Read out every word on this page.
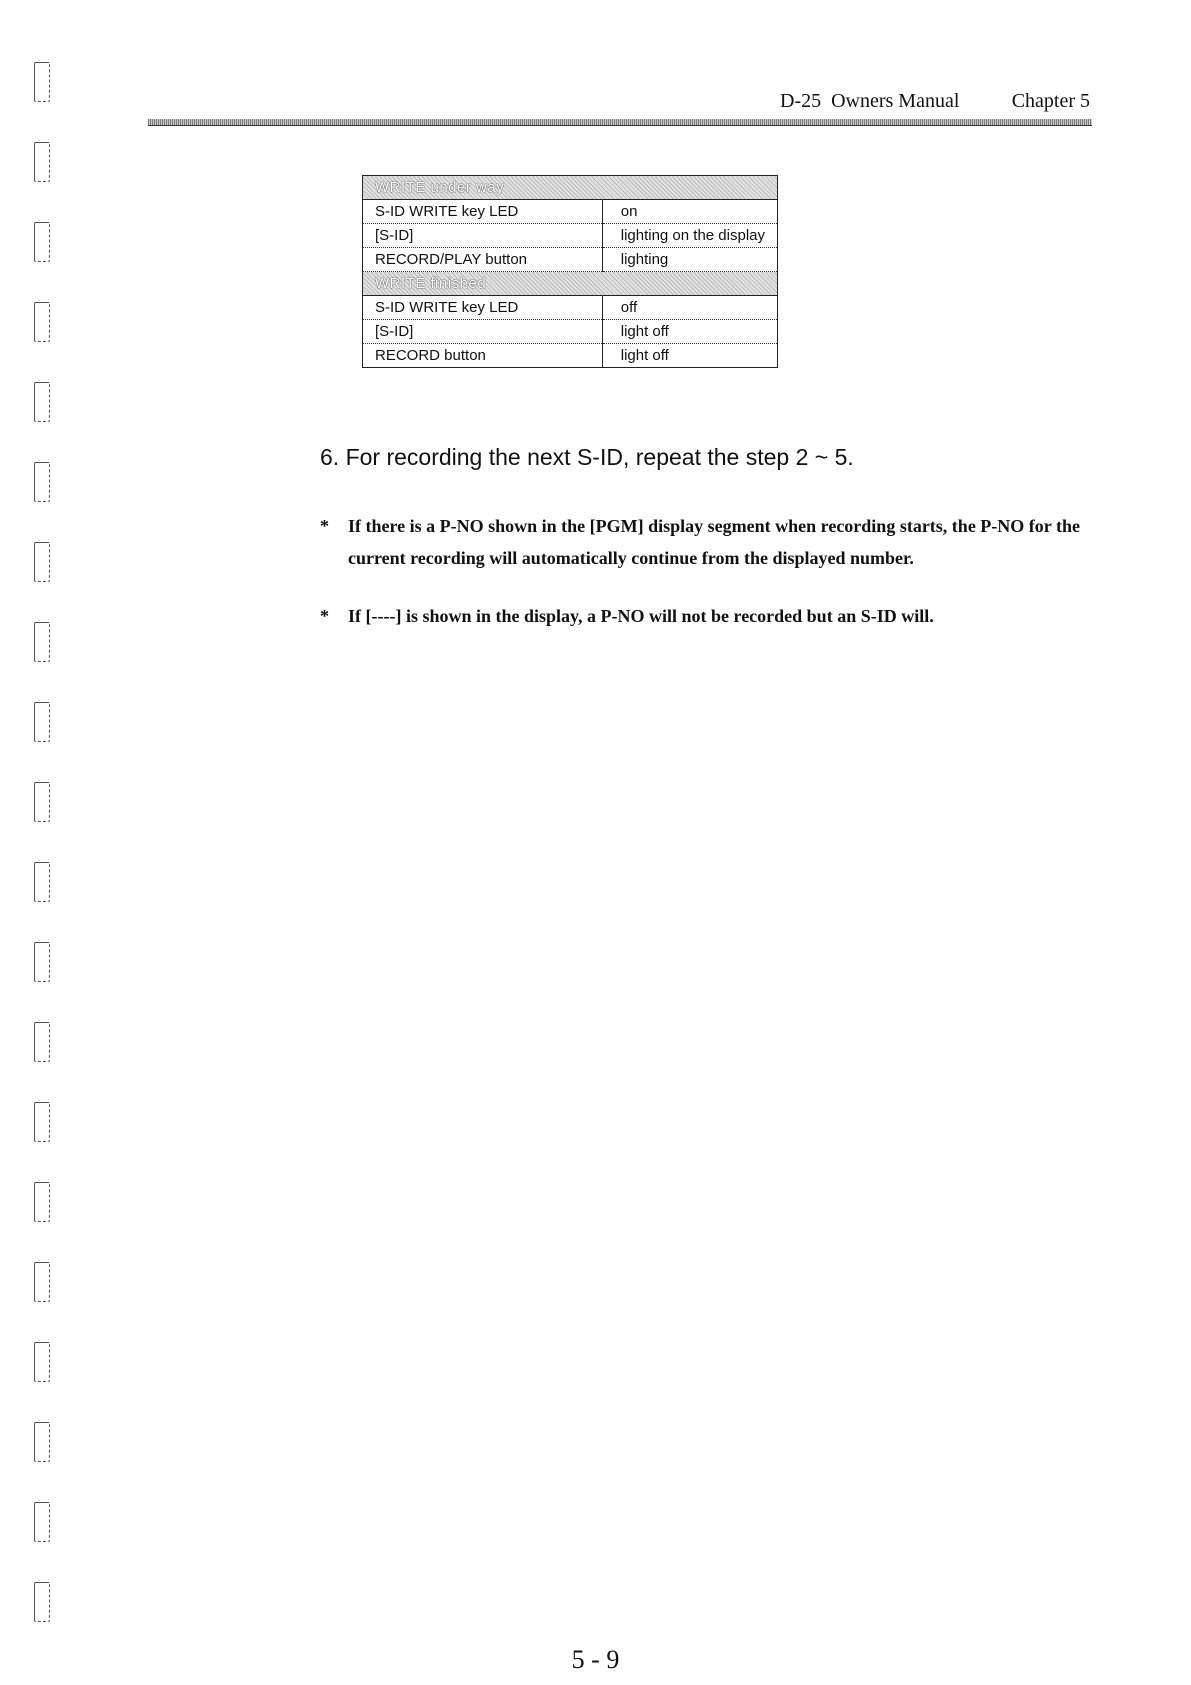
D-25  Owners Manual	Chapter 5
WRITE under way	
S-ID WRITE key LED	on
[S-ID]	lighting on the display
RECORD/PLAY button	lighting
WRITE finished	
S-ID WRITE key LED	off
[S-ID]	light off
RECORD button	light off
6. For recording the next S-ID, repeat the step 2 ~ 5.
* If there is a P-NO shown in the [PGM] display segment when recording starts, the P-NO for the current recording will automatically continue from the displayed number.
* If [----] is shown in the display, a P-NO will not be recorded but an S-ID will.
5 - 9
